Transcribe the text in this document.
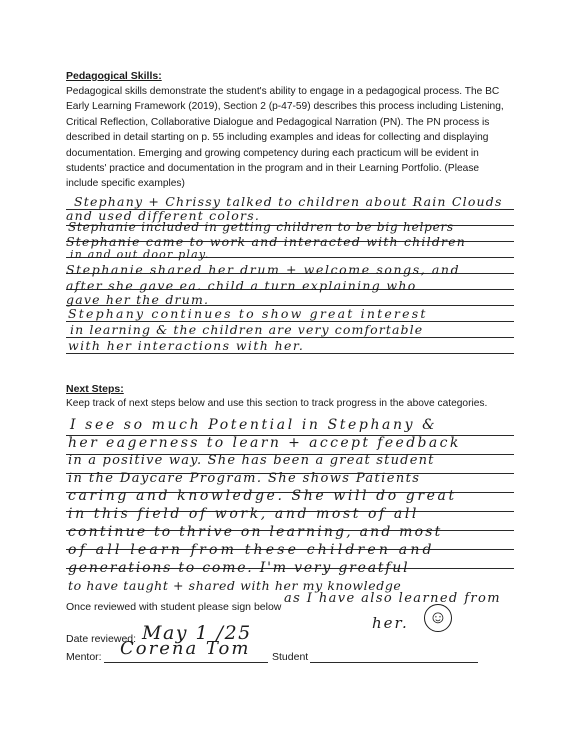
Pedagogical Skills:
Pedagogical skills demonstrate the student's ability to engage in a pedagogical process. The BC
Early Learning Framework (2019), Section 2 (p-47-59) describes this process including Listening,
Critical Reflection, Collaborative Dialogue and Pedagogical Narration (PN). The PN process is
described in detail starting on p. 55 including examples and ideas for collecting and displaying
documentation. Emerging and growing competency during each practicum will be evident in
students' practice and documentation in the program and in their Learning Portfolio. (Please
include specific examples)
Stephany + Chrissy talked to children about Rain Clouds
and used different colors.
Stephanie included in getting children to be big helpers
Stephanie came to work and interacted with children
in and out door play.
Stephanie shared her drum + welcome songs, and
after she gave ea. child a turn explaining who
gave her the drum.
Stephany continues to show great interest
in learning & the children are very comfortable
with her interactions with her.
Next Steps:
Keep track of next steps below and use this section to track progress in the above categories.
I see so much Potential in Stephany &
her eagerness to learn + accept feedback
in a positive way. She has been a great student
in the Daycare Program. She shows Patients
caring and knowledge. She will do great
in this field of work, and most of all
continue to thrive on learning, and most
of all learn from these children and
generations to come. I'm very greatful
to have taught + shared with her my knowledge
as I have also learned from
her. ☺
Once reviewed with student please sign below
Date reviewed: May 1 /25
Mentor: Corena Tom Student
